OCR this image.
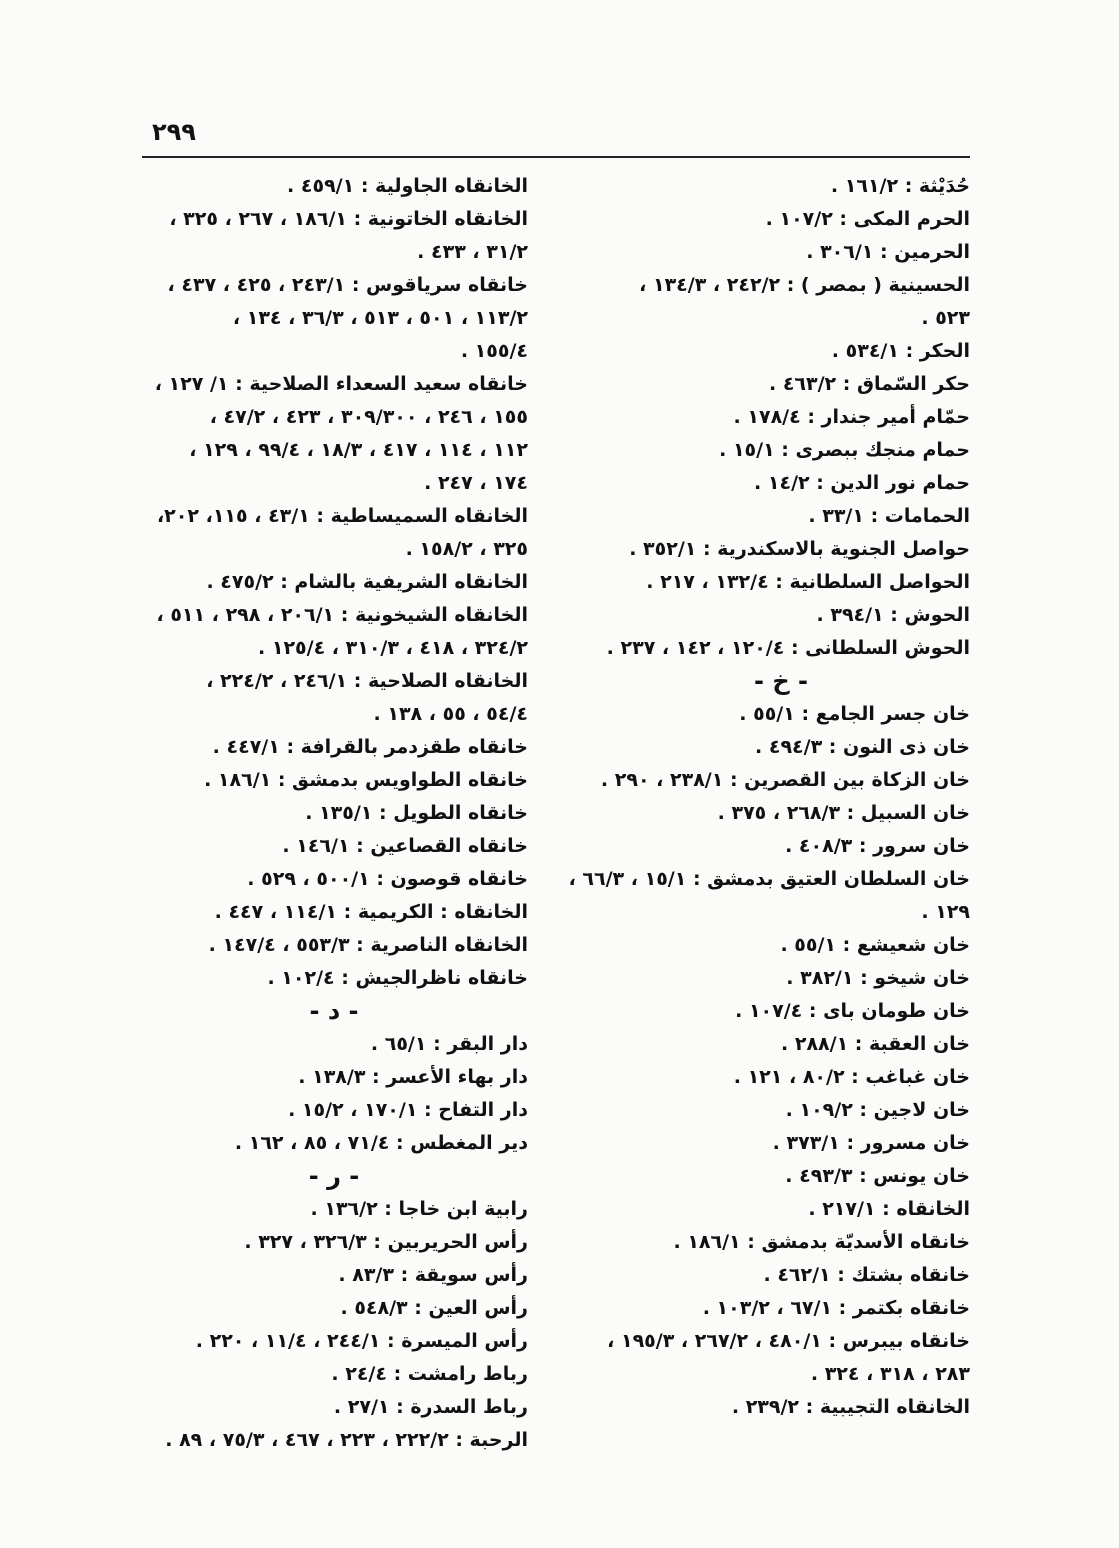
٢٩٩
حُدَيْثة : ١٦١/٢ .
الحرم المكى : ١٠٧/٢ .
الحرمين : ٣٠٦/١ .
الحسينية ( بمصر ) : ٢٤٢/٢ ، ١٣٤/٣ ،
٥٢٣ .
الحكر : ٥٣٤/١ .
حكر السّماق : ٤٦٣/٢ .
حمّام أمير جندار : ١٧٨/٤ .
حمام منجك ببصرى : ١٥/١ .
حمام نور الدين : ١٤/٢ .
الحمامات : ٣٣/١ .
حواصل الجنوية بالاسكندرية : ٣٥٢/١ .
الحواصل السلطانية : ١٣٢/٤ ، ٢١٧ .
الحوش : ٣٩٤/١ .
الحوش السلطانى : ١٢٠/٤ ، ١٤٢ ، ٢٣٧ .
- خ -
خان جسر الجامع : ٥٥/١ .
خان ذى النون : ٤٩٤/٣ .
خان الزكاة بين القصرين : ٢٣٨/١ ، ٢٩٠ .
خان السبيل : ٢٦٨/٣ ، ٣٧٥ .
خان سرور : ٤٠٨/٣ .
خان السلطان العتيق بدمشق : ١٥/١ ، ٦٦/٣ ،
١٢٩ .
خان شعيشع : ٥٥/١ .
خان شيخو : ٣٨٢/١ .
خان طومان باى : ١٠٧/٤ .
خان العقبة : ٢٨٨/١ .
خان غباغب : ٨٠/٢ ، ١٢١ .
خان لاجين : ١٠٩/٢ .
خان مسرور : ٣٧٣/١ .
خان يونس : ٤٩٣/٣ .
الخانقاه : ٢١٧/١ .
خانقاه الأسديّة بدمشق : ١٨٦/١ .
خانقاه بشتك : ٤٦٢/١ .
خانقاه بكتمر : ٦٧/١ ، ١٠٣/٢ .
خانقاه بيبرس : ٤٨٠/١ ، ٢٦٧/٢ ، ١٩٥/٣ ،
٢٨٣ ، ٣١٨ ، ٣٢٤ .
الخانقاه التجيبية : ٢٣٩/٢ .
الخانقاه الجاولية : ٤٥٩/١ .
الخانقاه الخاتونية : ١٨٦/١ ، ٢٦٧ ، ٣٢٥ ،
٣١/٢ ، ٤٣٣ .
خانقاه سرياقوس : ٢٤٣/١ ، ٤٢٥ ، ٤٣٧ ،
١١٣/٢ ، ٥٠١ ، ٥١٣ ، ٣٦/٣ ، ١٣٤ ،
١٥٥/٤ .
خانقاه سعيد السعداء الصلاحية : ١/ ١٢٧ ،
١٥٥ ، ٢٤٦ ، ٣٠٩/٣٠٠ ، ٤٢٣ ، ٤٧/٢ ،
١١٢ ، ١١٤ ، ٤١٧ ، ١٨/٣ ، ٩٩/٤ ، ١٢٩ ،
١٧٤ ، ٢٤٧ .
الخانقاه السميساطية : ٤٣/١ ، ١١٥، ٢٠٢،
٣٢٥ ، ١٥٨/٢ .
الخانقاه الشريفية بالشام : ٤٧٥/٢ .
الخانقاه الشيخونية : ٢٠٦/١ ، ٢٩٨ ، ٥١١ ،
٣٢٤/٢ ، ٤١٨ ، ٣١٠/٣ ، ١٢٥/٤ .
الخانقاه الصلاحية : ٢٤٦/١ ، ٢٢٤/٢ ،
٥٤/٤ ، ٥٥ ، ١٣٨ .
خانقاه طقزدمر بالقرافة : ٤٤٧/١ .
خانقاه الطواويس بدمشق : ١٨٦/١ .
خانقاه الطويل : ١٣٥/١ .
خانقاه القصاعين : ١٤٦/١ .
خانقاه قوصون : ٥٠٠/١ ، ٥٢٩ .
الخانقاه : الكريمية : ١١٤/١ ، ٤٤٧ .
الخانقاه الناصرية : ٥٥٣/٣ ، ١٤٧/٤ .
خانقاه ناظرالجيش : ١٠٢/٤ .
- د -
دار البقر : ٦٥/١ .
دار بهاء الأعسر : ١٣٨/٣ .
دار التفاح : ١٧٠/١ ، ١٥/٢ .
دير المغطس : ٧١/٤ ، ٨٥ ، ١٦٢ .
- ر -
رابية ابن خاجا : ١٣٦/٢ .
رأس الحريربين : ٣٢٦/٣ ، ٣٢٧ .
رأس سويقة : ٨٣/٣ .
رأس العين : ٥٤٨/٣ .
رأس الميسرة : ٢٤٤/١ ، ١١/٤ ، ٢٢٠ .
رباط رامشت : ٢٤/٤ .
رباط السدرة : ٢٧/١ .
الرحبة : ٢٢٢/٢ ، ٢٢٣ ، ٤٦٧ ، ٧٥/٣ ، ٨٩ .
